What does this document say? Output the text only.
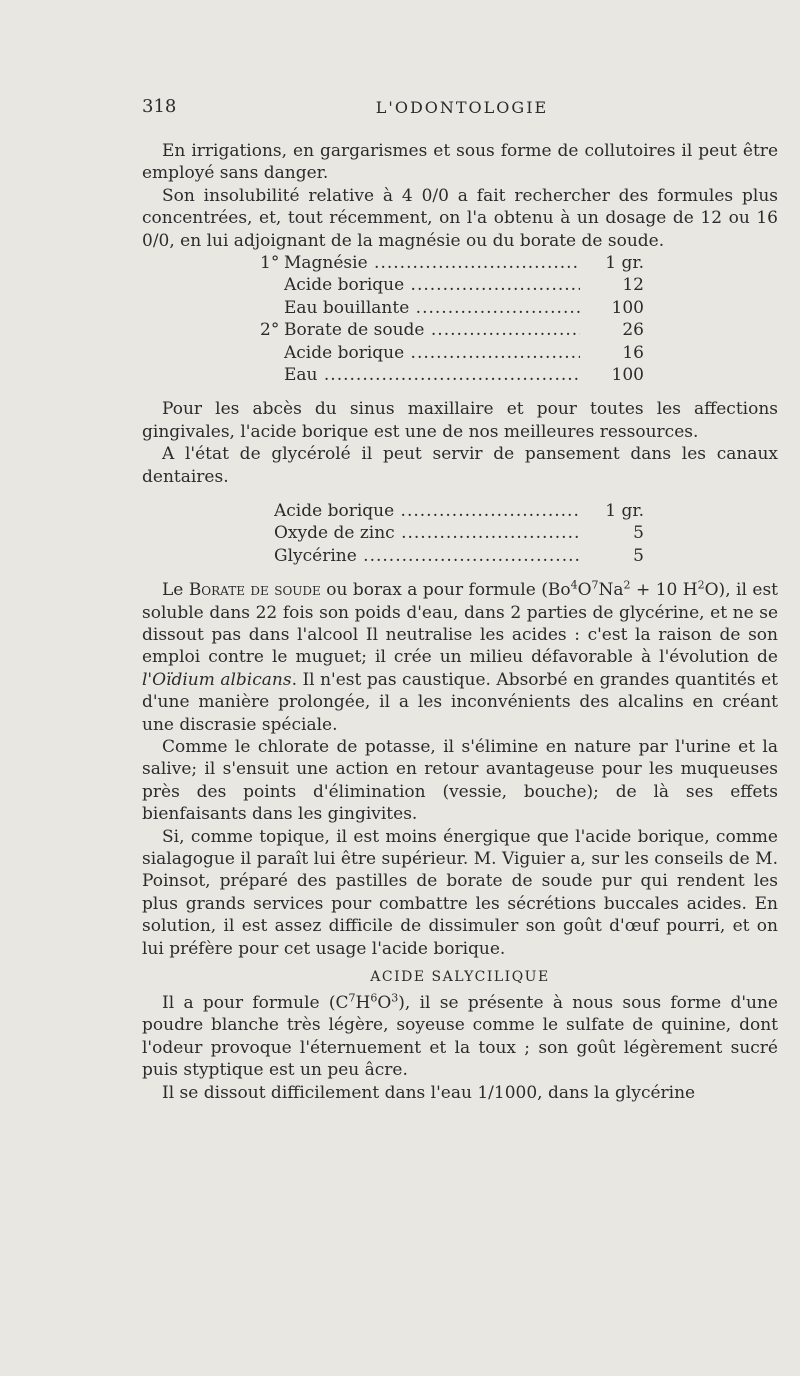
318	L'ODONTOLOGIE

En irrigations, en gargarismes et sous forme de collutoires il peut être employé sans danger.

Son insolubilité relative à 4 0/0 a fait rechercher des formules plus concentrées, et, tout récemment, on l'a obtenu à un dosage de 12 ou 16 0/0, en lui adjoignant de la magnésie ou du borate de soude.

1° Magnésie .....	1 gr.
Acide borique .....	12
Eau bouillante .....	100
2° Borate de soude .....	26
Acide borique .....	16
Eau .....	100

Pour les abcès du sinus maxillaire et pour toutes les affections gingivales, l'acide borique est une de nos meilleures ressources.

A l'état de glycérolé il peut servir de pansement dans les canaux dentaires.

Acide borique .....	1 gr.
Oxyde de zinc .....	5
Glycérine .....	5

Le Borate de soude ou borax a pour formule ($Bo^4O^7Na^2 + 10$ $H^2O$), il est soluble dans 22 fois son poids d'eau, dans 2 parties de glycérine, et ne se dissout pas dans l'alcool Il neutralise les acides : c'est la raison de son emploi contre le muguet; il crée un milieu défavorable à l'évolution de l'Oïdium albicans. Il n'est pas caustique. Absorbé en grandes quantités et d'une manière prolongée, il a les inconvénients des alcalins en créant une discrasie spéciale.

Comme le chlorate de potasse, il s'élimine en nature par l'urine et la salive; il s'ensuit une action en retour avantageuse pour les muqueuses près des points d'élimination (vessie, bouche); de là ses effets bienfaisants dans les gingivites.

Si, comme topique, il est moins énergique que l'acide borique, comme sialagogue il paraît lui être supérieur. M. Viguier a, sur les conseils de M. Poinsot, préparé des pastilles de borate de soude pur qui rendent les plus grands services pour combattre les sécrétions buccales acides. En solution, il est assez difficile de dissimuler son goût d'œuf pourri, et on lui préfère pour cet usage l'acide borique.

ACIDE SALYCILIQUE

Il a pour formule $(C^7H^6O^3)$, il se présente à nous sous forme d'une poudre blanche très légère, soyeuse comme le sulfate de quinine, dont l'odeur provoque l'éternuement et la toux ; son goût légèrement sucré puis styptique est un peu âcre.

Il se dissout difficilement dans l'eau 1/1000, dans la glycérine
